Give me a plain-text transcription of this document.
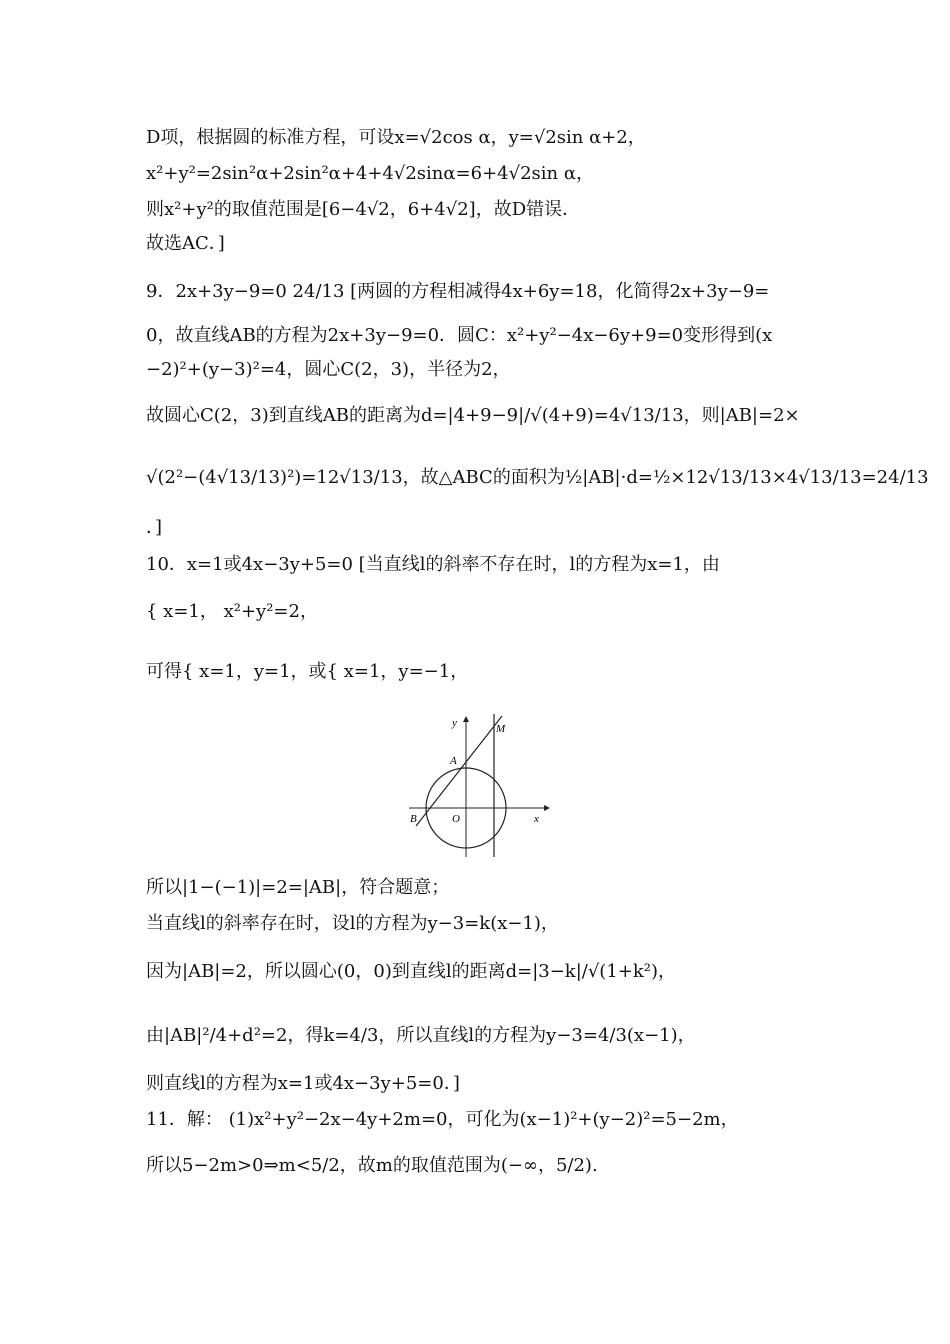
D项，根据圆的标准方程，可设x=√2cos α，y=√2sin α+2，
x²+y²=2sin²α+2sin²α+4+4√2sinα=6+4√2sin α，
则x²+y²的取值范围是[6−4√2，6+4√2]，故D错误．
故选AC．]
9．2x+3y−9=0 24/13 [两圆的方程相减得4x+6y=18，化简得2x+3y−9=
0，故直线AB的方程为2x+3y−9=0．圆C：x²+y²−4x−6y+9=0变形得到(x
−2)²+(y−3)²=4，圆心C(2，3)，半径为2，
故圆心C(2，3)到直线AB的距离为d=|4+9−9|/√(4+9)=4√13/13，则|AB|=2×
√(2²−(4√13/13)²)=12√13/13，故△ABC的面积为½|AB|·d=½×12√13/13×4√13/13=24/13
．]
10．x=1或4x−3y+5=0 [当直线l的斜率不存在时，l的方程为x=1，由
{ x=1， x²+y²=2，
可得{ x=1，y=1，或{ x=1，y=−1，
y
x
M
A
B	O
所以|1−(−1)|=2=|AB|，符合题意；
当直线l的斜率存在时，设l的方程为y−3=k(x−1)，
因为|AB|=2，所以圆心(0，0)到直线l的距离d=|3−k|/√(1+k²)，
由|AB|²/4+d²=2，得k=4/3，所以直线l的方程为y−3=4/3(x−1)，
则直线l的方程为x=1或4x−3y+5=0．]
11．解： (1)x²+y²−2x−4y+2m=0，可化为(x−1)²+(y−2)²=5−2m，
所以5−2m>0⇒m<5/2，故m的取值范围为(−∞，5/2).
